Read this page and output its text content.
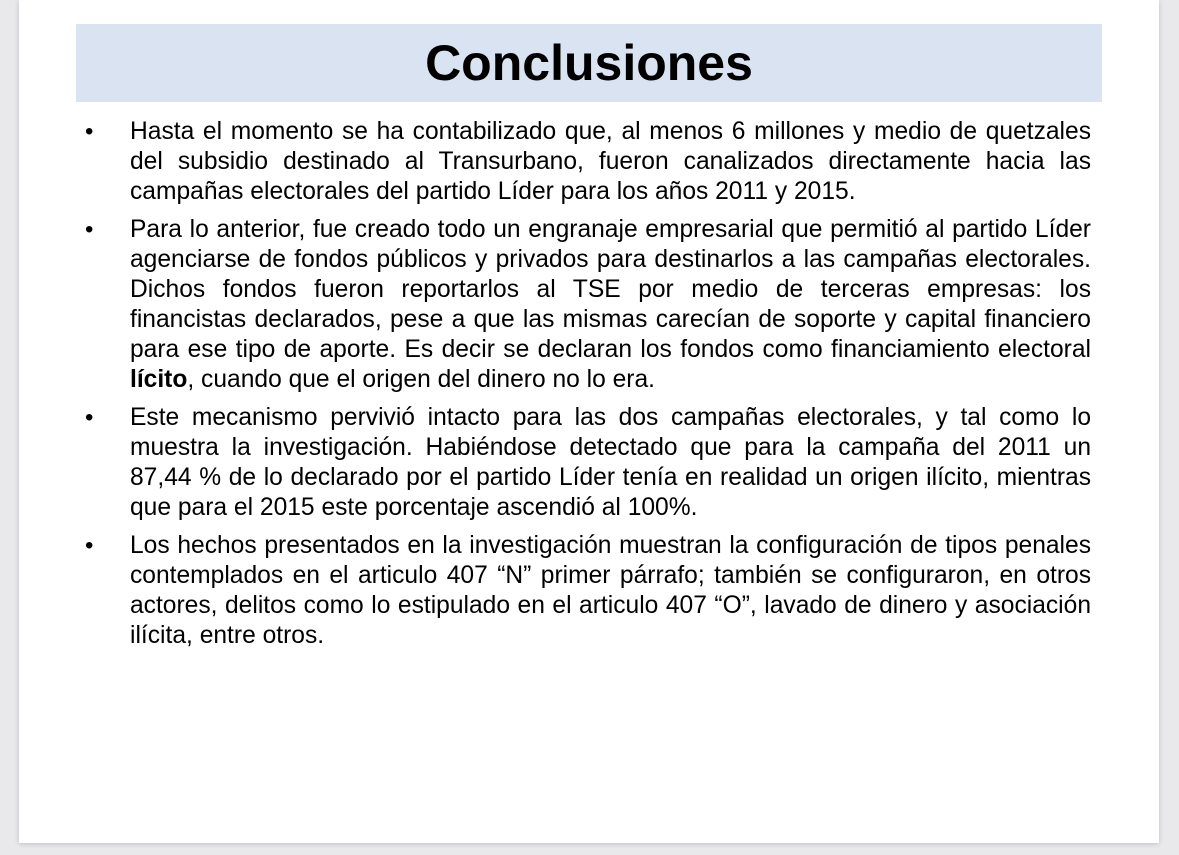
Conclusiones
• Hasta el momento se ha contabilizado que, al menos 6 millones y medio de quetzales del subsidio destinado al Transurbano, fueron canalizados directamente hacia las campañas electorales del partido Líder para los años 2011 y 2015.
• Para lo anterior, fue creado todo un engranaje empresarial que permitió al partido Líder agenciarse de fondos públicos y privados para destinarlos a las campañas electorales. Dichos fondos fueron reportarlos al TSE por medio de terceras empresas: los financistas declarados, pese a que las mismas carecían de soporte y capital financiero para ese tipo de aporte. Es decir se declaran los fondos como financiamiento electoral lícito, cuando que el origen del dinero no lo era.
• Este mecanismo pervivió intacto para las dos campañas electorales, y tal como lo muestra la investigación. Habiéndose detectado que para la campaña del 2011 un 87,44 % de lo declarado por el partido Líder tenía en realidad un origen ilícito, mientras que para el 2015 este porcentaje ascendió al 100%.
• Los hechos presentados en la investigación muestran la configuración de tipos penales contemplados en el articulo 407 “N” primer párrafo; también se configuraron, en otros actores, delitos como lo estipulado en el articulo 407 “O”, lavado de dinero y asociación ilícita, entre otros.
